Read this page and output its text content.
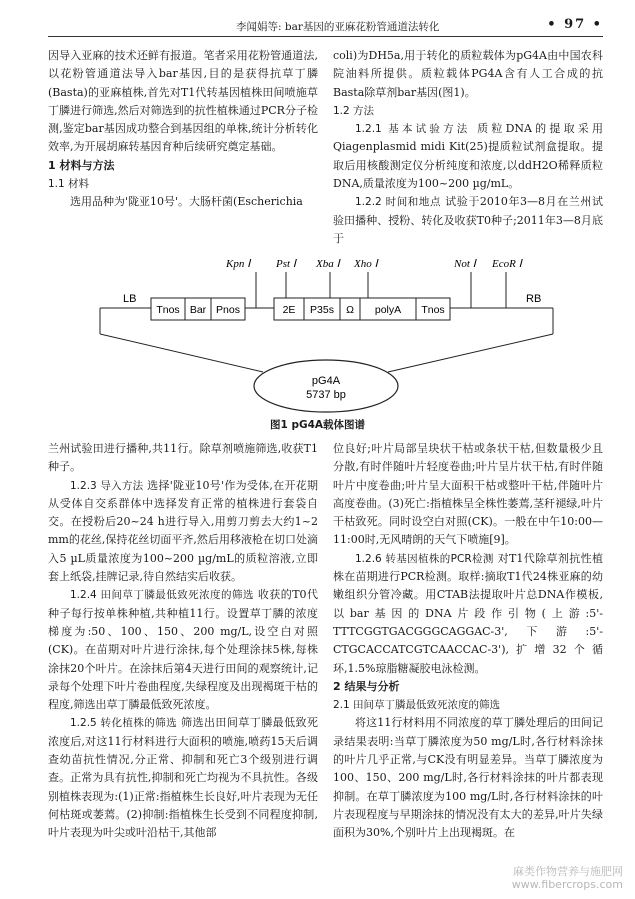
李闻娟等: bar基因的亚麻花粉管通道法转化	• 97 •

因导入亚麻的技术还鲜有报道。笔者采用花粉管通道法,以花粉管通道法导入bar基因,目的是获得抗草丁膦(Basta)的亚麻植株,首先对T1代转基因植株田间喷施草丁膦进行筛选,然后对筛选到的抗性植株通过PCR分子检测,鉴定bar基因成功整合到基因组的单株,统计分析转化效率,为开展胡麻转基因育种后续研究奠定基础。

1 材料与方法

1.1 材料

选用品种为'陇亚10号'。大肠杆菌(Escherichia

coli)为DH5a,用于转化的质粒载体为pG4A由中国农科院油料所提供。质粒载体PG4A含有人工合成的抗Basta除草剂bar基因(图1)。

1.2 方法

1.2.1 基本试验方法 质粒DNA的提取采用Qiagenplasmid midi Kit(25)提质粒试剂盒提取。提取后用核酸测定仪分析纯度和浓度,以ddH2O稀释质粒DNA,质量浓度为100~200 µg/mL。

1.2.2 时间和地点 试验于2010年3—8月在兰州试验田播种、授粉、转化及收获T0种子;2011年3—8月底于

Kpn Ⅰ Pst Ⅰ Xba Ⅰ Xho Ⅰ	Not Ⅰ EcoR Ⅰ
LB	RB
Tnos Bar Pnos	2E P35s Ω polyA Tnos
pG4A
5737 bp
图1 pG4A载体图谱

兰州试验田进行播种,共11行。除草剂喷施筛选,收获T1种子。

1.2.3 导入方法 选择'陇亚10号'作为受体,在开花期从受体自交系群体中选择发育正常的植株进行套袋自交。在授粉后20~24 h进行导入,用剪刀剪去大约1~2 mm的花丝,保持花丝切面平齐,然后用移液枪在切口处滴入5 µL质量浓度为100~200 µg/mL的质粒溶液,立即套上纸袋,挂牌记录,待自然结实后收获。

1.2.4 田间草丁膦最低致死浓度的筛选 收获的T0代种子每行按单株种植,共种植11行。设置草丁膦的浓度梯度为:50、100、150、200 mg/L,设空白对照(CK)。在苗期对叶片进行涂抹,每个处理涂抹5株,每株涂抹20个叶片。在涂抹后第4天进行田间的观察统计,记录每个处理下叶片卷曲程度,失绿程度及出现褐斑干枯的程度,筛选出草丁膦最低致死浓度。

1.2.5 转化植株的筛选 筛选出田间草丁膦最低致死浓度后,对这11行材料进行大面积的喷施,喷药15天后调查幼苗抗性情况,分正常、抑制和死亡3个级别进行调查。正常为具有抗性,抑制和死亡均视为不具抗性。各级别植株表现为:(1)正常:指植株生长良好,叶片表现为无任何枯斑或萎蔫。(2)抑制:指植株生长受到不同程度抑制,叶片表现为叶尖或叶沿枯干,其他部

位良好;叶片局部呈块状干枯或条状干枯,但数量极少且分散,有时伴随叶片轻度卷曲;叶片呈片状干枯,有时伴随叶片中度卷曲;叶片呈大面积干枯或整叶干枯,伴随叶片高度卷曲。(3)死亡:指植株呈全株性萎蔫,茎秆褪绿,叶片干枯致死。同时设空白对照(CK)。一般在中午10:00—11:00时,无风晴朗的天气下喷施[9]。

1.2.6 转基因植株的PCR检测 对T1代除草剂抗性植株在苗期进行PCR检测。取样:摘取T1代24株亚麻的幼嫩组织分管冷藏。用CTAB法提取叶片总DNA作模板,以bar基因的DNA片段作引物(上游:5'-TTTCGGTGACGGGCAGGAC-3',下游:5'-CTGCACCATCGTCAACCAC-3'),扩增32个循环,1.5%琼脂糖凝胶电泳检测。

2 结果与分析

2.1 田间草丁膦最低致死浓度的筛选

将这11行材料用不同浓度的草丁膦处理后的田间记录结果表明:当草丁膦浓度为50 mg/L时,各行材料涂抹的叶片几乎正常,与CK没有明显差异。当草丁膦浓度为100、150、200 mg/L时,各行材料涂抹的叶片都表现抑制。在草丁膦浓度为100 mg/L时,各行材料涂抹的叶片表现程度与早期涂抹的情况没有太大的差异,叶片失绿面积为30%,个别叶片上出现褐斑。在

麻类作物营养与施肥网
www.fibercrops.com
